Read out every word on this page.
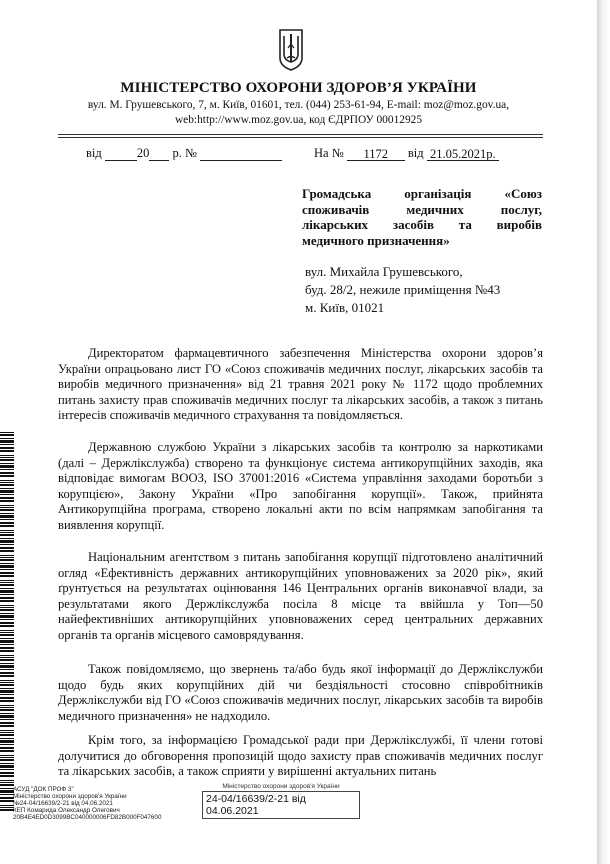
МІНІСТЕРСТВО ОХОРОНИ ЗДОРОВ’Я УКРАЇНИ
вул. М. Грушевського, 7, м. Київ, 01601, тел. (044) 253-61-94, E-mail: moz@moz.gov.ua,
web:http://www.moz.gov.ua, код ЄДРПОУ 00012925
від	20 р. №	На № 1172 від 21.05.2021р.
Громадська організація «Союз споживачів медичних послуг, лікарських засобів та виробів медичного призначення»
вул. Михайла Грушевського,
буд. 28/2, нежиле приміщення №43
м. Київ, 01021

Директоратом фармацевтичного забезпечення Міністерства охорони здоров’я України опрацьовано лист ГО «Союз споживачів медичних послуг, лікарських засобів та виробів медичного призначення» від 21 травня 2021 року № 1172 щодо проблемних питань захисту прав споживачів медичних послуг та лікарських засобів, а також з питань інтересів споживачів медичного страхування та повідомляється.

Державною службою України з лікарських засобів та контролю за наркотиками (далі – Держлікслужба) створено та функціонує система антикорупційних заходів, яка відповідає вимогам ВООЗ, ISO 37001:2016 «Система управління заходами боротьби з корупцією», Закону України «Про запобігання корупції». Також, прийнята Антикорупційна програма, створено локальні акти по всім напрямкам запобігання та виявлення корупції.

Національним агентством з питань запобігання корупції підготовлено аналітичний огляд «Ефективність державних антикорупційних уповноважених за 2020 рік», який ґрунтується на результатах оцінювання 146 Центральних органів виконавчої влади, за результатами якого Держлікслужба посіла 8 місце та ввійшла у Топ—50 найефективніших антикорупційних уповноважених серед центральних державних органів та органів місцевого самоврядування.

Також повідомляємо, що звернень та/або будь якої інформації до Держлікслужби щодо будь яких корупційних дій чи бездіяльності стосовно співробітників Держлікслужби від ГО «Союз споживачів медичних послуг, лікарських засобів та виробів медичного призначення» не надходило.

Крім того, за інформацією Громадської ради при Держлікслужбі, її члени готові долучитися до обговорення пропозицій щодо захисту прав споживачів медичних послуг та лікарських засобів, а також сприяти у вирішенні актуальних питань

АСУД "ДОК ПРОФ 3"
Міністерство охорони здоров'я України
№24-04/16639/2-21 від 04.06.2021
КЕП Комарида Олександр Олегович
20B4E4ED0D3099BC040000006FD82B000F047600
Міністерство охорони здоров'я України
24-04/16639/2-21 від 04.06.2021
